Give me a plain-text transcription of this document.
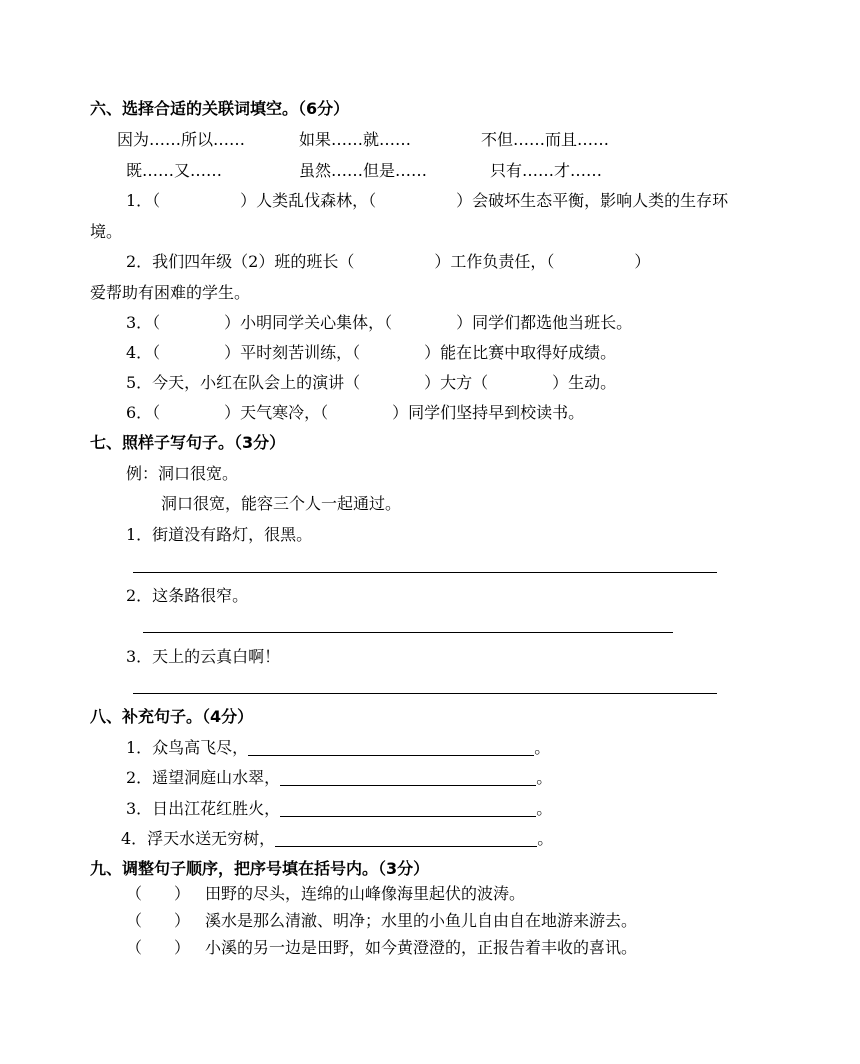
六、选择合适的关联词填空。（6分）
因为……所以……	如果……就……	不但……而且……
既……又……	虽然……但是……	只有……才……
1．（　　　　　）人类乱伐森林，（　　　　　）会破坏生态平衡，影响人类的生存环
境。
2．我们四年级（2）班的班长（　　　　　）工作负责任，（　　　　　）
爱帮助有困难的学生。
3．（　　　　）小明同学关心集体，（　　　　）同学们都选他当班长。
4．（　　　　）平时刻苦训练，（　　　　）能在比赛中取得好成绩。
5．今天，小红在队会上的演讲（　　　　）大方（　　　　）生动。
6．（　　　　）天气寒冷，（　　　　）同学们坚持早到校读书。
七、照样子写句子。（3分）
例：洞口很宽。
洞口很宽，能容三个人一起通过。
1．街道没有路灯，很黑。
2．这条路很窄。
3．天上的云真白啊！
八、补充句子。（4分）
1．众鸟高飞尽，	。
2．遥望洞庭山水翠，	。
3．日出江花红胜火，	。
4．浮天水送无穷树，	。
九、调整句子顺序，把序号填在括号内。（3分）
（　　） 田野的尽头，连绵的山峰像海里起伏的波涛。
（　　） 溪水是那么清澈、明净；水里的小鱼儿自由自在地游来游去。
（　　） 小溪的另一边是田野，如今黄澄澄的，正报告着丰收的喜讯。
